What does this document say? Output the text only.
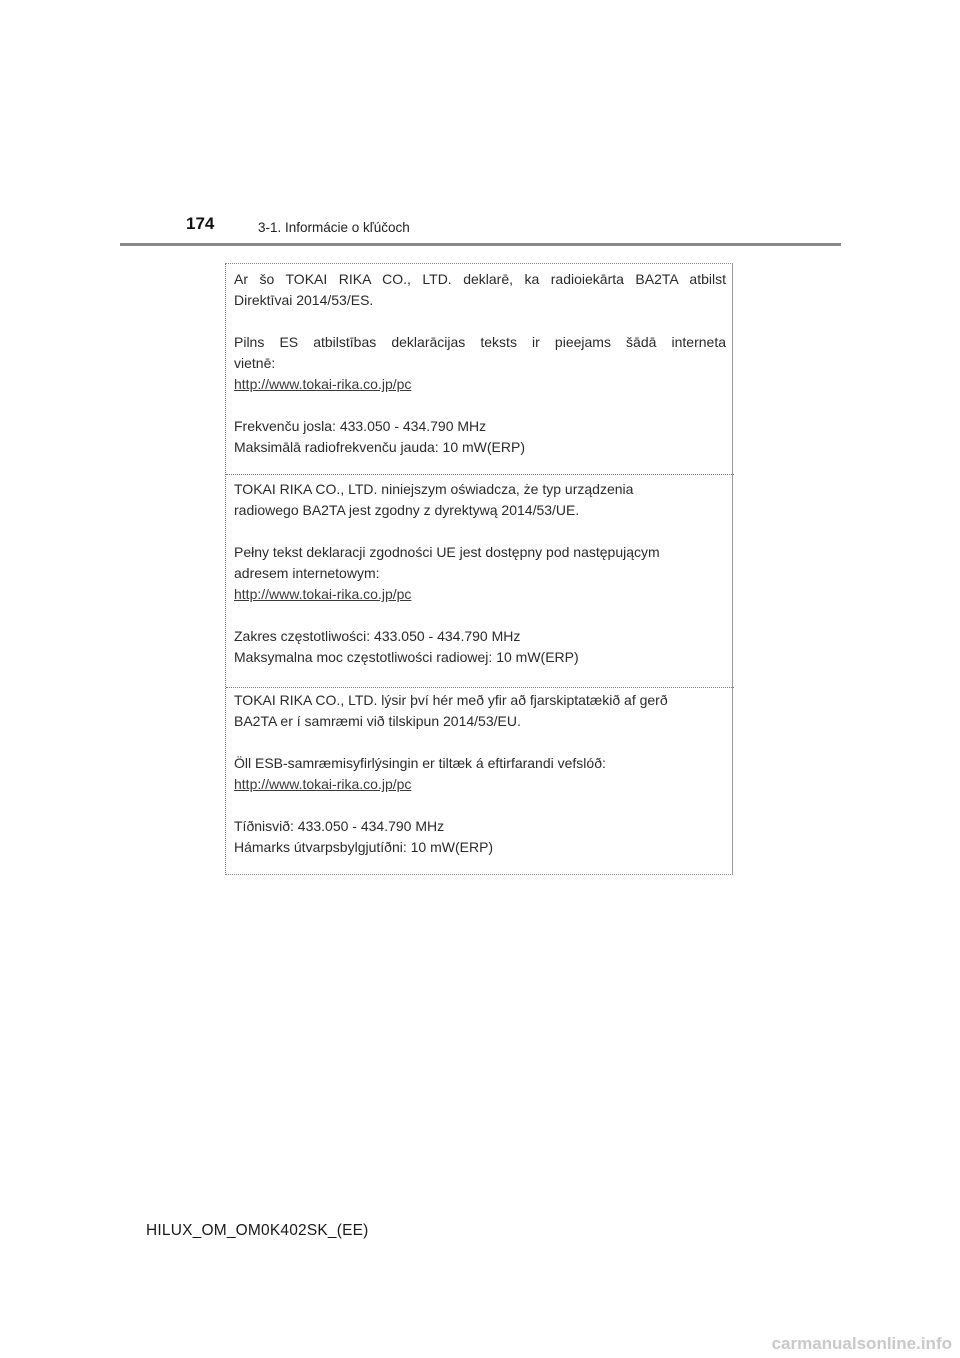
174	3-1. Informácie o kľúčoch
Ar šo TOKAI RIKA CO., LTD. deklarē, ka radioiekārta BA2TA atbilst
Direktīvai 2014/53/ES.
Pilns ES atbilstības deklarācijas teksts ir pieejams šādā interneta
vietnē:
http://www.tokai-rika.co.jp/pc
Frekvenču josla: 433.050 - 434.790 MHz
Maksimālā radiofrekvenču jauda: 10 mW(ERP)
TOKAI RIKA CO., LTD. niniejszym oświadcza, że typ urządzenia
radiowego BA2TA jest zgodny z dyrektywą 2014/53/UE.
Pełny tekst deklaracji zgodności UE jest dostępny pod następującym
adresem internetowym:
http://www.tokai-rika.co.jp/pc
Zakres częstotliwości: 433.050 - 434.790 MHz
Maksymalna moc częstotliwości radiowej: 10 mW(ERP)
TOKAI RIKA CO., LTD. lýsir því hér með yfir að fjarskiptatækið af gerð
BA2TA er í samræmi við tilskipun 2014/53/EU.
Öll ESB-samræmisyfirlýsingin er tiltæk á eftirfarandi vefslóð:
http://www.tokai-rika.co.jp/pc
Tíðnisvið: 433.050 - 434.790 MHz
Hámarks útvarpsbylgjutíðni: 10 mW(ERP)
HILUX_OM_OM0K402SK_(EE)
carmanualsonline.info
